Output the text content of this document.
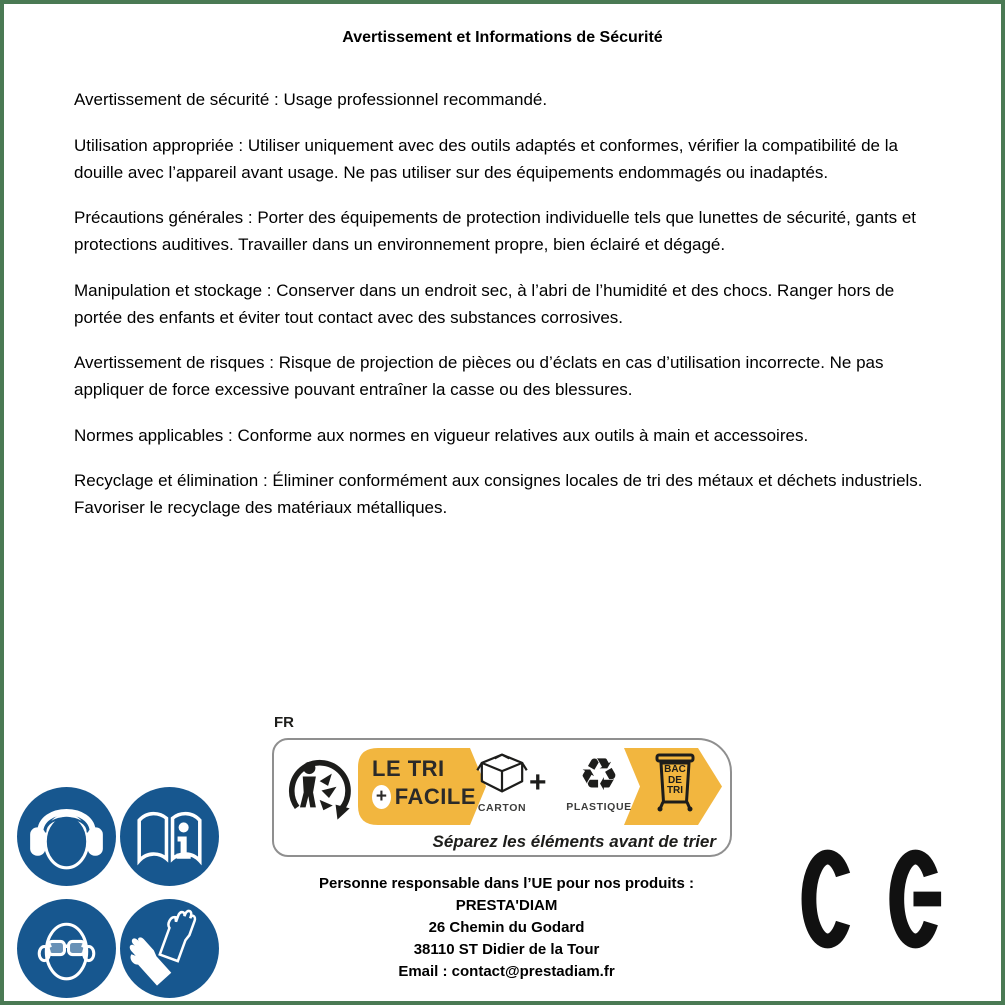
Avertissement et Informations de Sécurité

Avertissement de sécurité : Usage professionnel recommandé.

Utilisation appropriée : Utiliser uniquement avec des outils adaptés et conformes, vérifier la compatibilité de la douille avec l’appareil avant usage. Ne pas utiliser sur des équipements endommagés ou inadaptés.

Précautions générales : Porter des équipements de protection individuelle tels que lunettes de sécurité, gants et protections auditives. Travailler dans un environnement propre, bien éclairé et dégagé.

Manipulation et stockage : Conserver dans un endroit sec, à l’abri de l’humidité et des chocs. Ranger hors de portée des enfants et éviter tout contact avec des substances corrosives.

Avertissement de risques : Risque de projection de pièces ou d’éclats en cas d’utilisation incorrecte. Ne pas appliquer de force excessive pouvant entraîner la casse ou des blessures.

Normes applicables : Conforme aux normes en vigueur relatives aux outils à main et accessoires.

Recyclage et élimination : Éliminer conformément aux consignes locales de tri des métaux et déchets industriels. Favoriser le recyclage des matériaux métalliques.

FR
LE TRI
+ FACILE CARTON
+ ♻
PLASTIQUE
BAC
DE
TRI
Séparez les éléments avant de trier
Personne responsable dans l’UE pour nos produits :
PRESTA'DIAM
26 Chemin du Godard
38110 ST Didier de la Tour
Email : contact@prestadiam.fr
